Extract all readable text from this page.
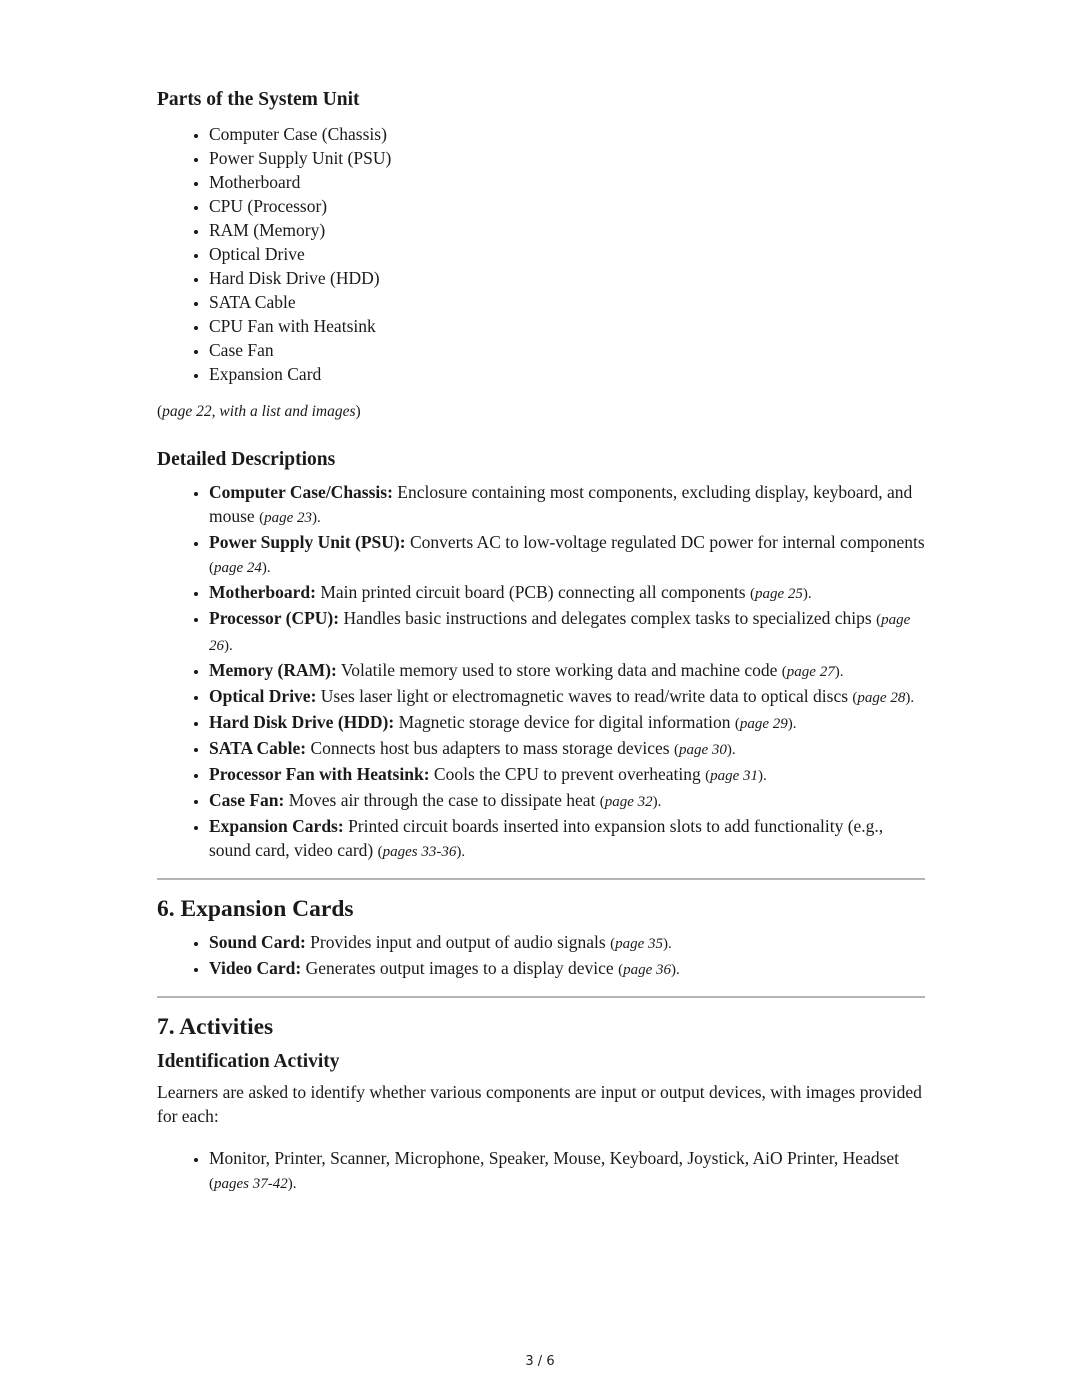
Parts of the System Unit
• Computer Case (Chassis)
• Power Supply Unit (PSU)
• Motherboard
• CPU (Processor)
• RAM (Memory)
• Optical Drive
• Hard Disk Drive (HDD)
• SATA Cable
• CPU Fan with Heatsink
• Case Fan
• Expansion Card

(page 22, with a list and images)

Detailed Descriptions
• Computer Case/Chassis: Enclosure containing most components, excluding display, keyboard, and mouse (page 23).
• Power Supply Unit (PSU): Converts AC to low-voltage regulated DC power for internal components (page 24).
• Motherboard: Main printed circuit board (PCB) connecting all components (page 25).
• Processor (CPU): Handles basic instructions and delegates complex tasks to specialized chips (page 26).
• Memory (RAM): Volatile memory used to store working data and machine code (page 27).
• Optical Drive: Uses laser light or electromagnetic waves to read/write data to optical discs (page 28).
• Hard Disk Drive (HDD): Magnetic storage device for digital information (page 29).
• SATA Cable: Connects host bus adapters to mass storage devices (page 30).
• Processor Fan with Heatsink: Cools the CPU to prevent overheating (page 31).
• Case Fan: Moves air through the case to dissipate heat (page 32).
• Expansion Cards: Printed circuit boards inserted into expansion slots to add functionality (e.g., sound card, video card) (pages 33-36).
6. Expansion Cards
• Sound Card: Provides input and output of audio signals (page 35).
• Video Card: Generates output images to a display device (page 36).
7. Activities
Identification Activity

Learners are asked to identify whether various components are input or output devices, with images provided for each:

• Monitor, Printer, Scanner, Microphone, Speaker, Mouse, Keyboard, Joystick, AiO Printer, Headset (pages 37-42).
3 / 6
